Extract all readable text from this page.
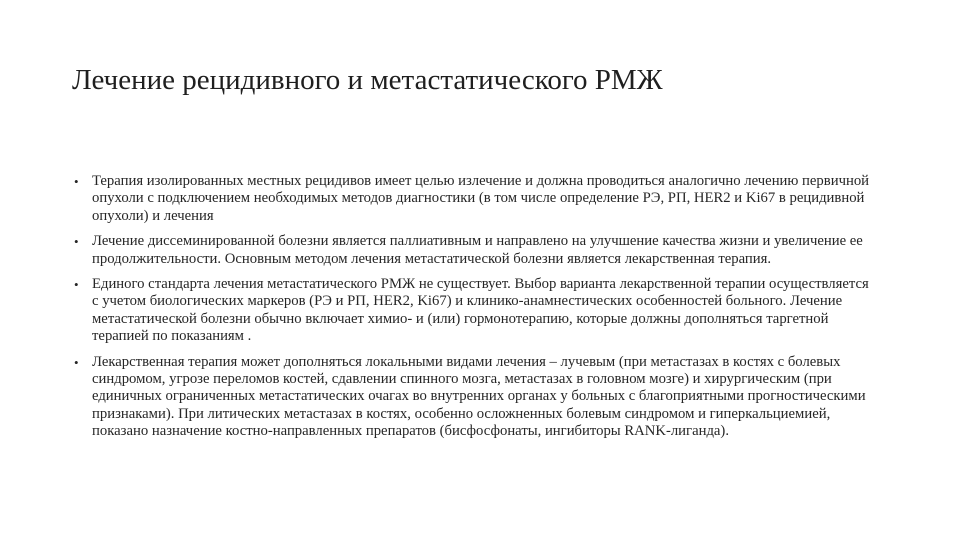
Лечение рецидивного и метастатического РМЖ
• Терапия изолированных местных рецидивов имеет целью излечение и должна проводиться аналогично лечению первичной опухоли с подключением необходимых методов диагностики (в том числе определение РЭ, РП, HER2 и Ki67 в рецидивной опухоли) и лечения
• Лечение диссеминированной болезни является паллиативным и направлено на улучшение качества жизни и увеличение ее продолжительности. Основным методом лечения метастатической болезни является лекарственная терапия.
• Единого стандарта лечения метастатического РМЖ не существует. Выбор варианта лекарственной терапии осуществляется с учетом биологических маркеров (РЭ и РП, HER2, Ki67) и клинико-анамнестических особенностей больного. Лечение метастатической болезни обычно включает химио- и (или) гормонотерапию, которые должны дополняться таргетной терапией по показаниям .
• Лекарственная терапия может дополняться локальными видами лечения – лучевым (при метастазах в костях с болевых синдромом, угрозе переломов костей, сдавлении спинного мозга, метастазах в головном мозге) и хирургическим (при единичных ограниченных метастатических очагах во внутренних органах у больных с благоприятными прогностическими признаками). При литических метастазах в костях, особенно осложненных болевым синдромом и гиперкальциемией, показано назначение костно-направленных препаратов (бисфосфонаты, ингибиторы RANK-лиганда).
